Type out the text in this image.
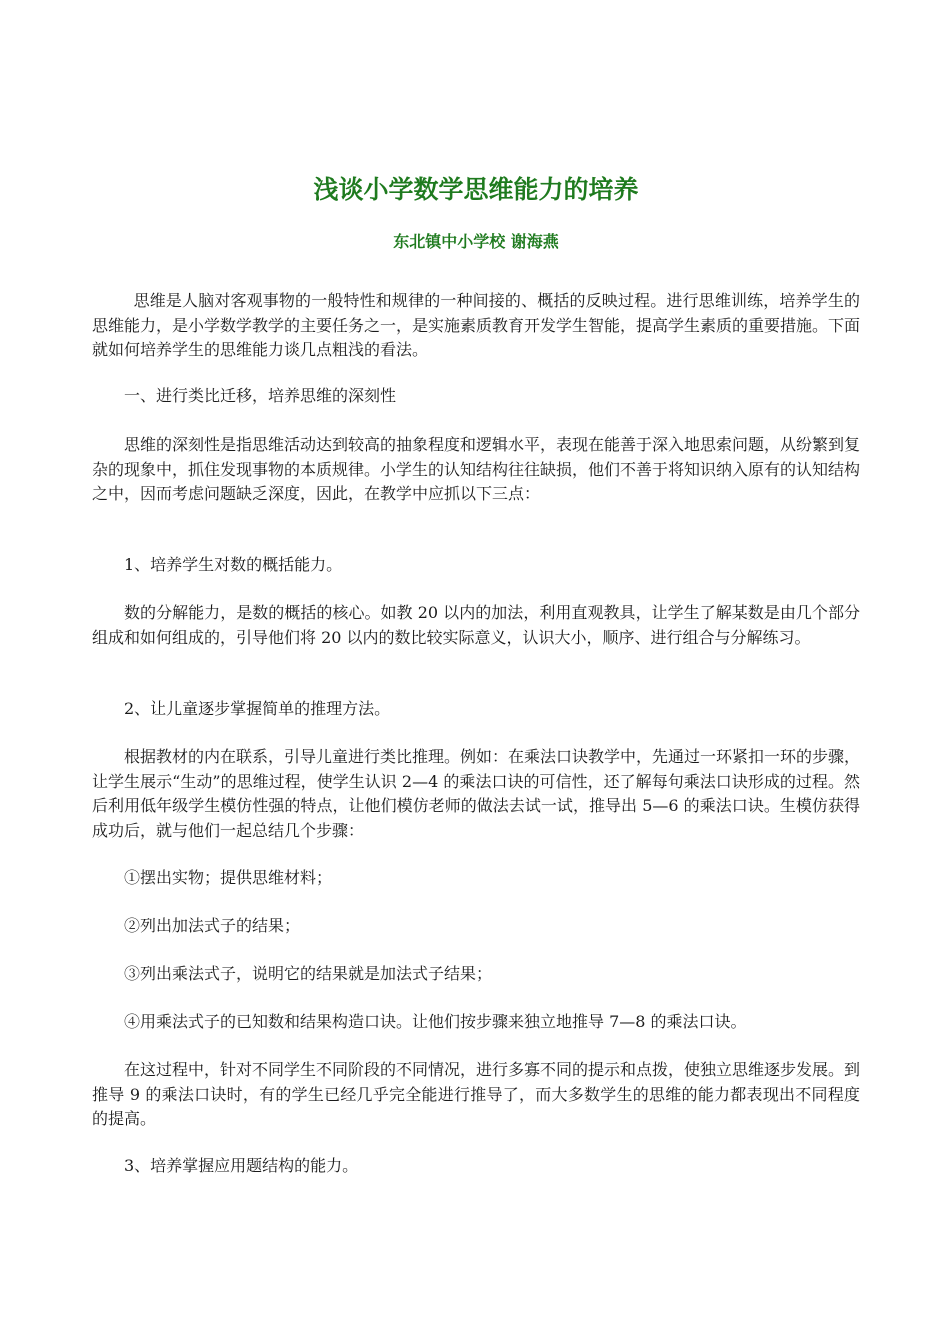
浅谈小学数学思维能力的培养
东北镇中小学校 谢海燕

思维是人脑对客观事物的一般特性和规律的一种间接的、概括的反映过程。进行思维训练，培养学生的思维能力，是小学数学教学的主要任务之一，是实施素质教育开发学生智能，提高学生素质的重要措施。下面就如何培养学生的思维能力谈几点粗浅的看法。

一、进行类比迁移，培养思维的深刻性

思维的深刻性是指思维活动达到较高的抽象程度和逻辑水平，表现在能善于深入地思索问题，从纷繁到复杂的现象中，抓住发现事物的本质规律。小学生的认知结构往往缺损，他们不善于将知识纳入原有的认知结构之中，因而考虑问题缺乏深度，因此，在教学中应抓以下三点：

1、培养学生对数的概括能力。

数的分解能力，是数的概括的核心。如教 20 以内的加法，利用直观教具，让学生了解某数是由几个部分组成和如何组成的，引导他们将 20 以内的数比较实际意义，认识大小，顺序、进行组合与分解练习。

2、让儿童逐步掌握简单的推理方法。

根据教材的内在联系，引导儿童进行类比推理。例如：在乘法口诀教学中，先通过一环紧扣一环的步骤，让学生展示“生动”的思维过程，使学生认识 2—4 的乘法口诀的可信性，还了解每句乘法口诀形成的过程。然后利用低年级学生模仿性强的特点，让他们模仿老师的做法去试一试，推导出 5—6 的乘法口诀。生模仿获得成功后，就与他们一起总结几个步骤：

①摆出实物；提供思维材料；

②列出加法式子的结果；

③列出乘法式子，说明它的结果就是加法式子结果；

④用乘法式子的已知数和结果构造口诀。让他们按步骤来独立地推导 7—8 的乘法口诀。

在这过程中，针对不同学生不同阶段的不同情况，进行多寡不同的提示和点拨，使独立思维逐步发展。到推导 9 的乘法口诀时，有的学生已经几乎完全能进行推导了，而大多数学生的思维的能力都表现出不同程度的提高。

3、培养掌握应用题结构的能力。
